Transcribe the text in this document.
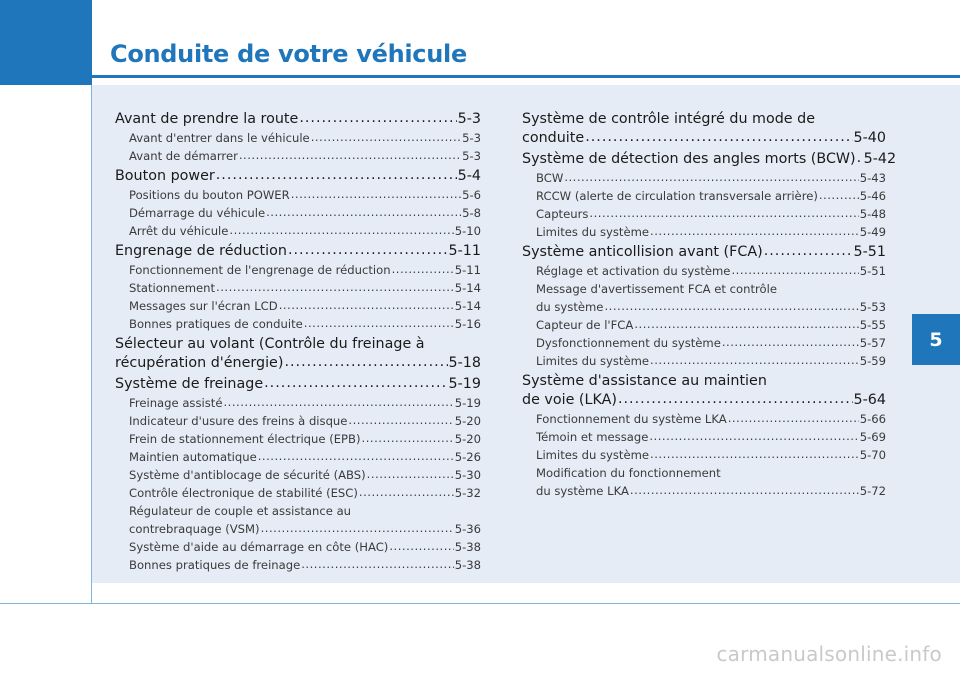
Conduite de votre véhicule
5
Avant de prendre la route .....	5-3
Avant d'entrer dans le véhicule .....	5-3
Avant de démarrer .....	5-3
Bouton power .....	5-4
Positions du bouton POWER .....	5-6
Démarrage du véhicule .....	5-8
Arrêt du véhicule .....	5-10
Engrenage de réduction .....	5-11
Fonctionnement de l'engrenage de réduction .....	5-11
Stationnement .....	5-14
Messages sur l'écran LCD .....	5-14
Bonnes pratiques de conduite .....	5-16
Sélecteur au volant (Contrôle du freinage à
récupération d'énergie) .....	5-18
Système de freinage .....	5-19
Freinage assisté .....	5-19
Indicateur d'usure des freins à disque .....	5-20
Frein de stationnement électrique (EPB) .....	5-20
Maintien automatique .....	5-26
Système d'antiblocage de sécurité (ABS) .....	5-30
Contrôle électronique de stabilité (ESC) .....	5-32
Régulateur de couple et assistance au
contrebraquage (VSM) .....	5-36
Système d'aide au démarrage en côte (HAC) .....	5-38
Bonnes pratiques de freinage .....	5-38
Système de contrôle intégré du mode de
conduite .....	5-40
Système de détection des angles morts (BCW) ..... 5-42
BCW .....	5-43
RCCW (alerte de circulation transversale arrière) .....	5-46
Capteurs .....	5-48
Limites du système .....	5-49
Système anticollision avant (FCA) .....	5-51
Réglage et activation du système .....	5-51
Message d'avertissement FCA et contrôle
du système .....	5-53
Capteur de l'FCA .....	5-55
Dysfonctionnement du système .....	5-57
Limites du système .....	5-59
Système d'assistance au maintien
de voie (LKA) .....	5-64
Fonctionnement du système LKA .....	5-66
Témoin et message .....	5-69
Limites du système .....	5-70
Modification du fonctionnement
du système LKA .....	5-72
carmanualsonline.info
